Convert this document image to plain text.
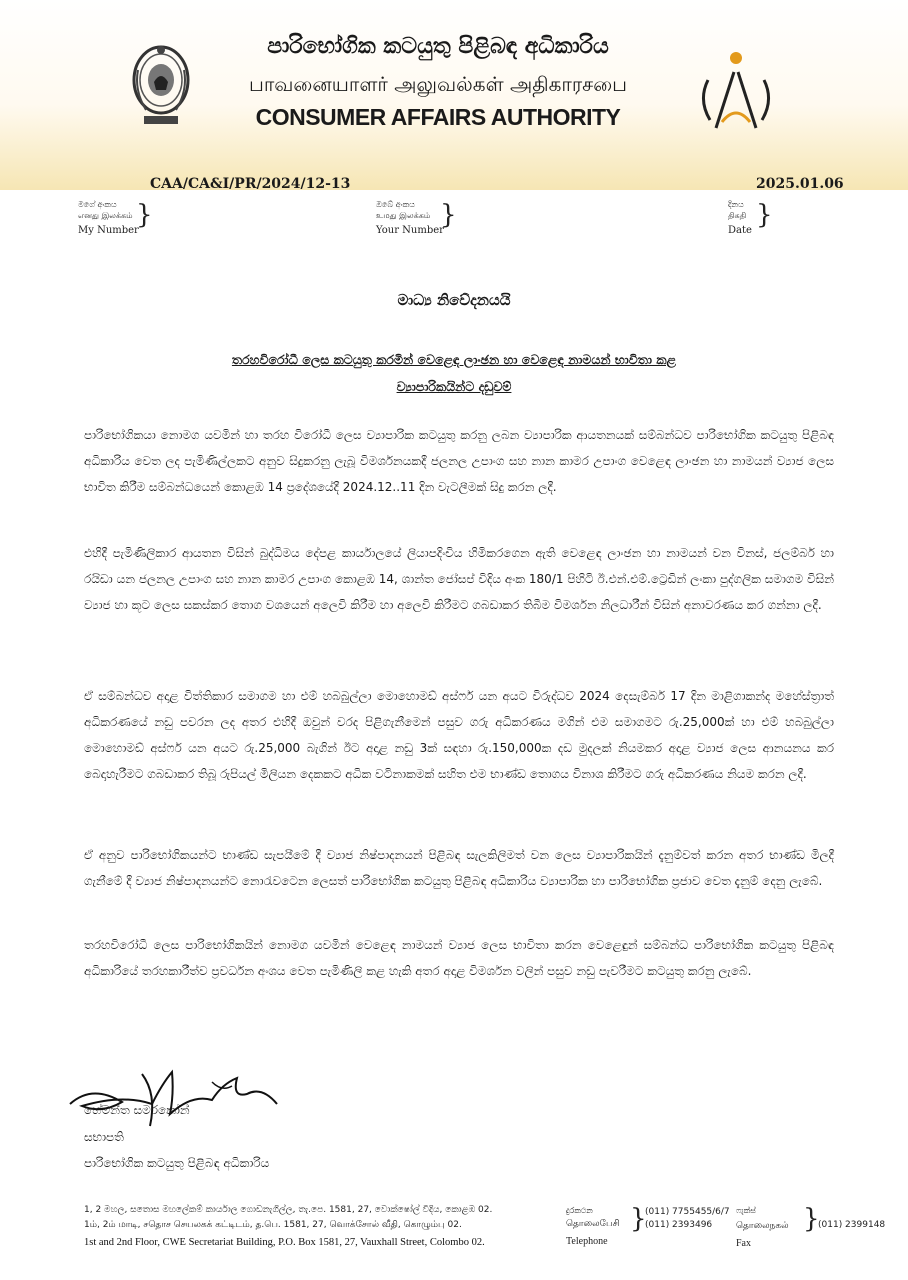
පාරිභෝගික කටයුතු පිළිබඳ අධිකාරිය
பாவனையாளர் அலுவல்கள் அதிகாரசபை
CONSUMER AFFAIRS AUTHORITY
CAA/CA&I/PR/2024/12-13
මගේ අංකය
எனது இலக்கம்
My Number
}	ඔබේ අංකය
உமது இலக்கம்
Your Number
}
2025.01.06
දිනය
திகதி
Date
}
මාධ්‍ය නිවේදනයයි
තරහවිරෝධී ලෙස කටයුතු කරමින් වෙළෙඳ ලාංඡන හා වෙළෙඳ නාමයන් භාවිතා කළ
ව්‍යාපාරිකයින්ට දඩුවම්
පාරිභෝගිකයා නොමග යවමින් හා තරහ විරෝධී ලෙස ව්‍යාපාරික කටයුතු කරනු ලබන ව්‍යාපාරික ආයතනයක් සම්බන්ධව පාරිභෝගික කටයුතු පිළිබඳ අධිකාරිය වෙත ලද පැමිණිල්ලකට අනුව සිදුකරනු ලැබූ විමර්ශනයකදී ජලනල උපාංග සහ නාන කාමර උපාංග වෙළෙඳ ලාංඡන හා නාමයන් ව්‍යාජ ලෙස භාවිත කිරීම සම්බන්ධයෙන් කොළඹ 14 ප්‍රදේශයේදී 2024.12..11 දින වැටලීමක් සිදු කරන ලදී.
එහිදී පැමිණිලිකාර ආයතන විසින් බුද්ධිමය දේපළ කාර්යාලයේ ලියාපදිංචිය හිමිකරගෙන ඇති වෙළෙඳ ලාංඡන හා නාමයන් වන විනස්, ජලම්බර් හා රයිඩා යන ජලනල උපාංග සහ නාන කාමර උපාංග කොළඹ 14, ශාන්ත ජෝසප් විදිය අංක 180/1 පිහිටි ඊ.එන්.එම්.ට්‍රෙඩින් ලංකා පුද්ගලික සමාගම විසින් ව්‍යාජ හා කූට ලෙස සකස්කර තොග වශයෙන් අලෙවි කිරීම හා අලෙවි කිරීමට ගබඩාකර තිබීම විමර්ශන නිලධාරීන් විසින් අනාවරණය කර ගන්නා ලදී.
ඒ සම්බන්ධව අදාළ විත්තිකාර සමාගම හා එම් හබබුල්ලා මොහොමඩ් අස්ෆර් යන අයට විරුද්ධව 2024 දෙසැම්බර් 17 දින මාළිගාකන්ද මහේස්ත්‍රාත් අධිකරණයේ නඩු පවරන ලද අතර එහිදී ඔවුන් වරද පිළිගැනීමෙන් පසුව ගරු අධිකරණය මගින් එම සමාගමට රු.25,000ක් හා එම් හබබුල්ලා මොහොමඩ් අස්ෆර් යන අයට රු.25,000 බැගින් ඊට අදාළ නඩු 3ක් සඳහා රු.150,000ක දඩ මුදලක් නියමකර අදාළ ව්‍යාජ ලෙස ආනයනය කර බෙදාහැරීමට ගබඩාකර තිබූ රුපියල් මිලියන දෙකකට අධික වටිනාකමක් සහිත එම භාණ්ඩ තොගය විනාශ කිරීමට ගරු අධිකරණය නියම කරන ලදී.
ඒ අනුව පාරිභෝගිකයන්ට භාණ්ඩ සැපයීමේ දී ව්‍යාජ නිෂ්පාදනයන් පිළිබඳ සැලකිලිමත් වන ලෙස ව්‍යාපාරිකයින් දැනුම්වත් කරන අතර භාණ්ඩ මිලදී ගැනීමේ දී ව්‍යාජ නිෂ්පාදනයන්ට නොරැවටෙන ලෙසත් පාරිභෝගික කටයුතු පිළිබඳ අධිකාරිය ව්‍යාපාරික හා පාරිභෝගික ප්‍රජාව වෙත දැනුම් දෙනු ලැබේ.
තරහවිරෝධී ලෙස පාරිභෝගිකයින් නොමග යවමින් වෙළෙඳ නාමයන් ව්‍යාජ ලෙස භාවිතා කරන වෙළෙඳුන් සම්බන්ධ පාරිභෝගික කටයුතු පිළිබඳ අධිකාරියේ තරහකාරීත්ව ප්‍රවර්ධන අංශය වෙත පැමිණිලි කළ හැකි අතර අදාළ විමර්ශන වලින් පසුව නඩු පැවරීමට කටයුතු කරනු ලැබේ.
හේමන්ත සමරකෝන්
සභාපති
පාරිභෝගික කටයුතු පිළිබඳ අධිකාරිය
1, 2 මහල, සතොස මහලේකම් කාර්යාල ගොඩනැගිල්ල, තැ.පෙ. 1581, 27, වොක්ෂෝල් වීදිය, කොළඹ 02.
1ம், 2ம் மாடி, சதொச செயலகக் கட்டிடம், த.பெ. 1581, 27, வொக்சோல் வீதி, கொழும்பு 02.
1st and 2nd Floor, CWE Secretariat Building, P.O. Box 1581, 27, Vauxhall Street, Colombo 02.
දුරකථන
தொலைபேசி
Telephone
}
(011) 7755455/6/7
(011) 2393496
ෆැක්ස්
தொலைநகல்
Fax
}
(011) 2399148
